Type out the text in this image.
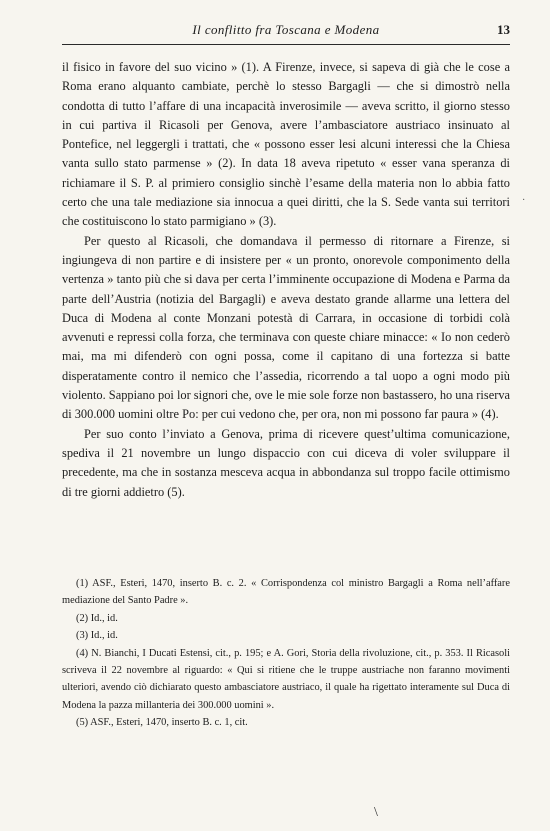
Il conflitto fra Toscana e Modena	13

il fisico in favore del suo vicino » (1). A Firenze, invece, si sapeva di già che le cose a Roma erano alquanto cambiate, perchè lo stesso Bargagli — che si dimostrò nella condotta di tutto l’affare di una incapacità inverosimile — aveva scritto, il giorno stesso in cui partiva il Ricasoli per Genova, avere l’ambasciatore austriaco insinuato al Pontefice, nel leggergli i trattati, che « possono esser lesi alcuni interessi che la Chiesa vanta sullo stato parmense » (2). In data 18 aveva ripetuto « esser vana speranza di richiamare il S. P. al primiero consiglio sinchè l’esame della materia non lo abbia fatto certo che una tale mediazione sia innocua a quei diritti, che la S. Sede vanta sui territori che costituiscono lo stato parmigiano » (3).

Per questo al Ricasoli, che domandava il permesso di ritornare a Firenze, si ingiungeva di non partire e di insistere per « un pronto, onorevole componimento della vertenza » tanto più che si dava per certa l’imminente occupazione di Modena e Parma da parte dell’Austria (notizia del Bargagli) e aveva destato grande allarme una lettera del Duca di Modena al conte Monzani potestà di Carrara, in occasione di torbidi colà avvenuti e repressi colla forza, che terminava con queste chiare minacce: « Io non cederò mai, ma mi difenderò con ogni possa, come il capitano di una fortezza si batte disperatamente contro il nemico che l’assedia, ricorrendo a tal uopo a ogni modo più violento. Sappiano poi lor signori che, ove le mie sole forze non bastassero, ho una riserva di 300.000 uomini oltre Po: per cui vedono che, per ora, non mi possono far paura » (4).

Per suo conto l’inviato a Genova, prima di ricevere quest’ultima comunicazione, spediva il 21 novembre un lungo dispaccio con cui diceva di voler sviluppare il precedente, ma che in sostanza mesceva acqua in abbondanza sul troppo facile ottimismo di tre giorni addietro (5).

(1) ASF., Esteri, 1470, inserto B. c. 2. « Corrispondenza col ministro Bargagli a Roma nell’affare mediazione del Santo Padre ».

(2) Id., id.

(3) Id., id.

(4) N. Bianchi, I Ducati Estensi, cit., p. 195; e A. Gori, Storia della rivoluzione, cit., p. 353. Il Ricasoli scriveva il 22 novembre al riguardo: « Qui si ritiene che le truppe austriache non faranno movimenti ulteriori, avendo ciò dichiarato questo ambasciatore austriaco, il quale ha rigettato interamente sul Duca di Modena la pazza millanteria dei 300.000 uomini ».

(5) ASF., Esteri, 1470, inserto B. c. 1, cit.

·
\
